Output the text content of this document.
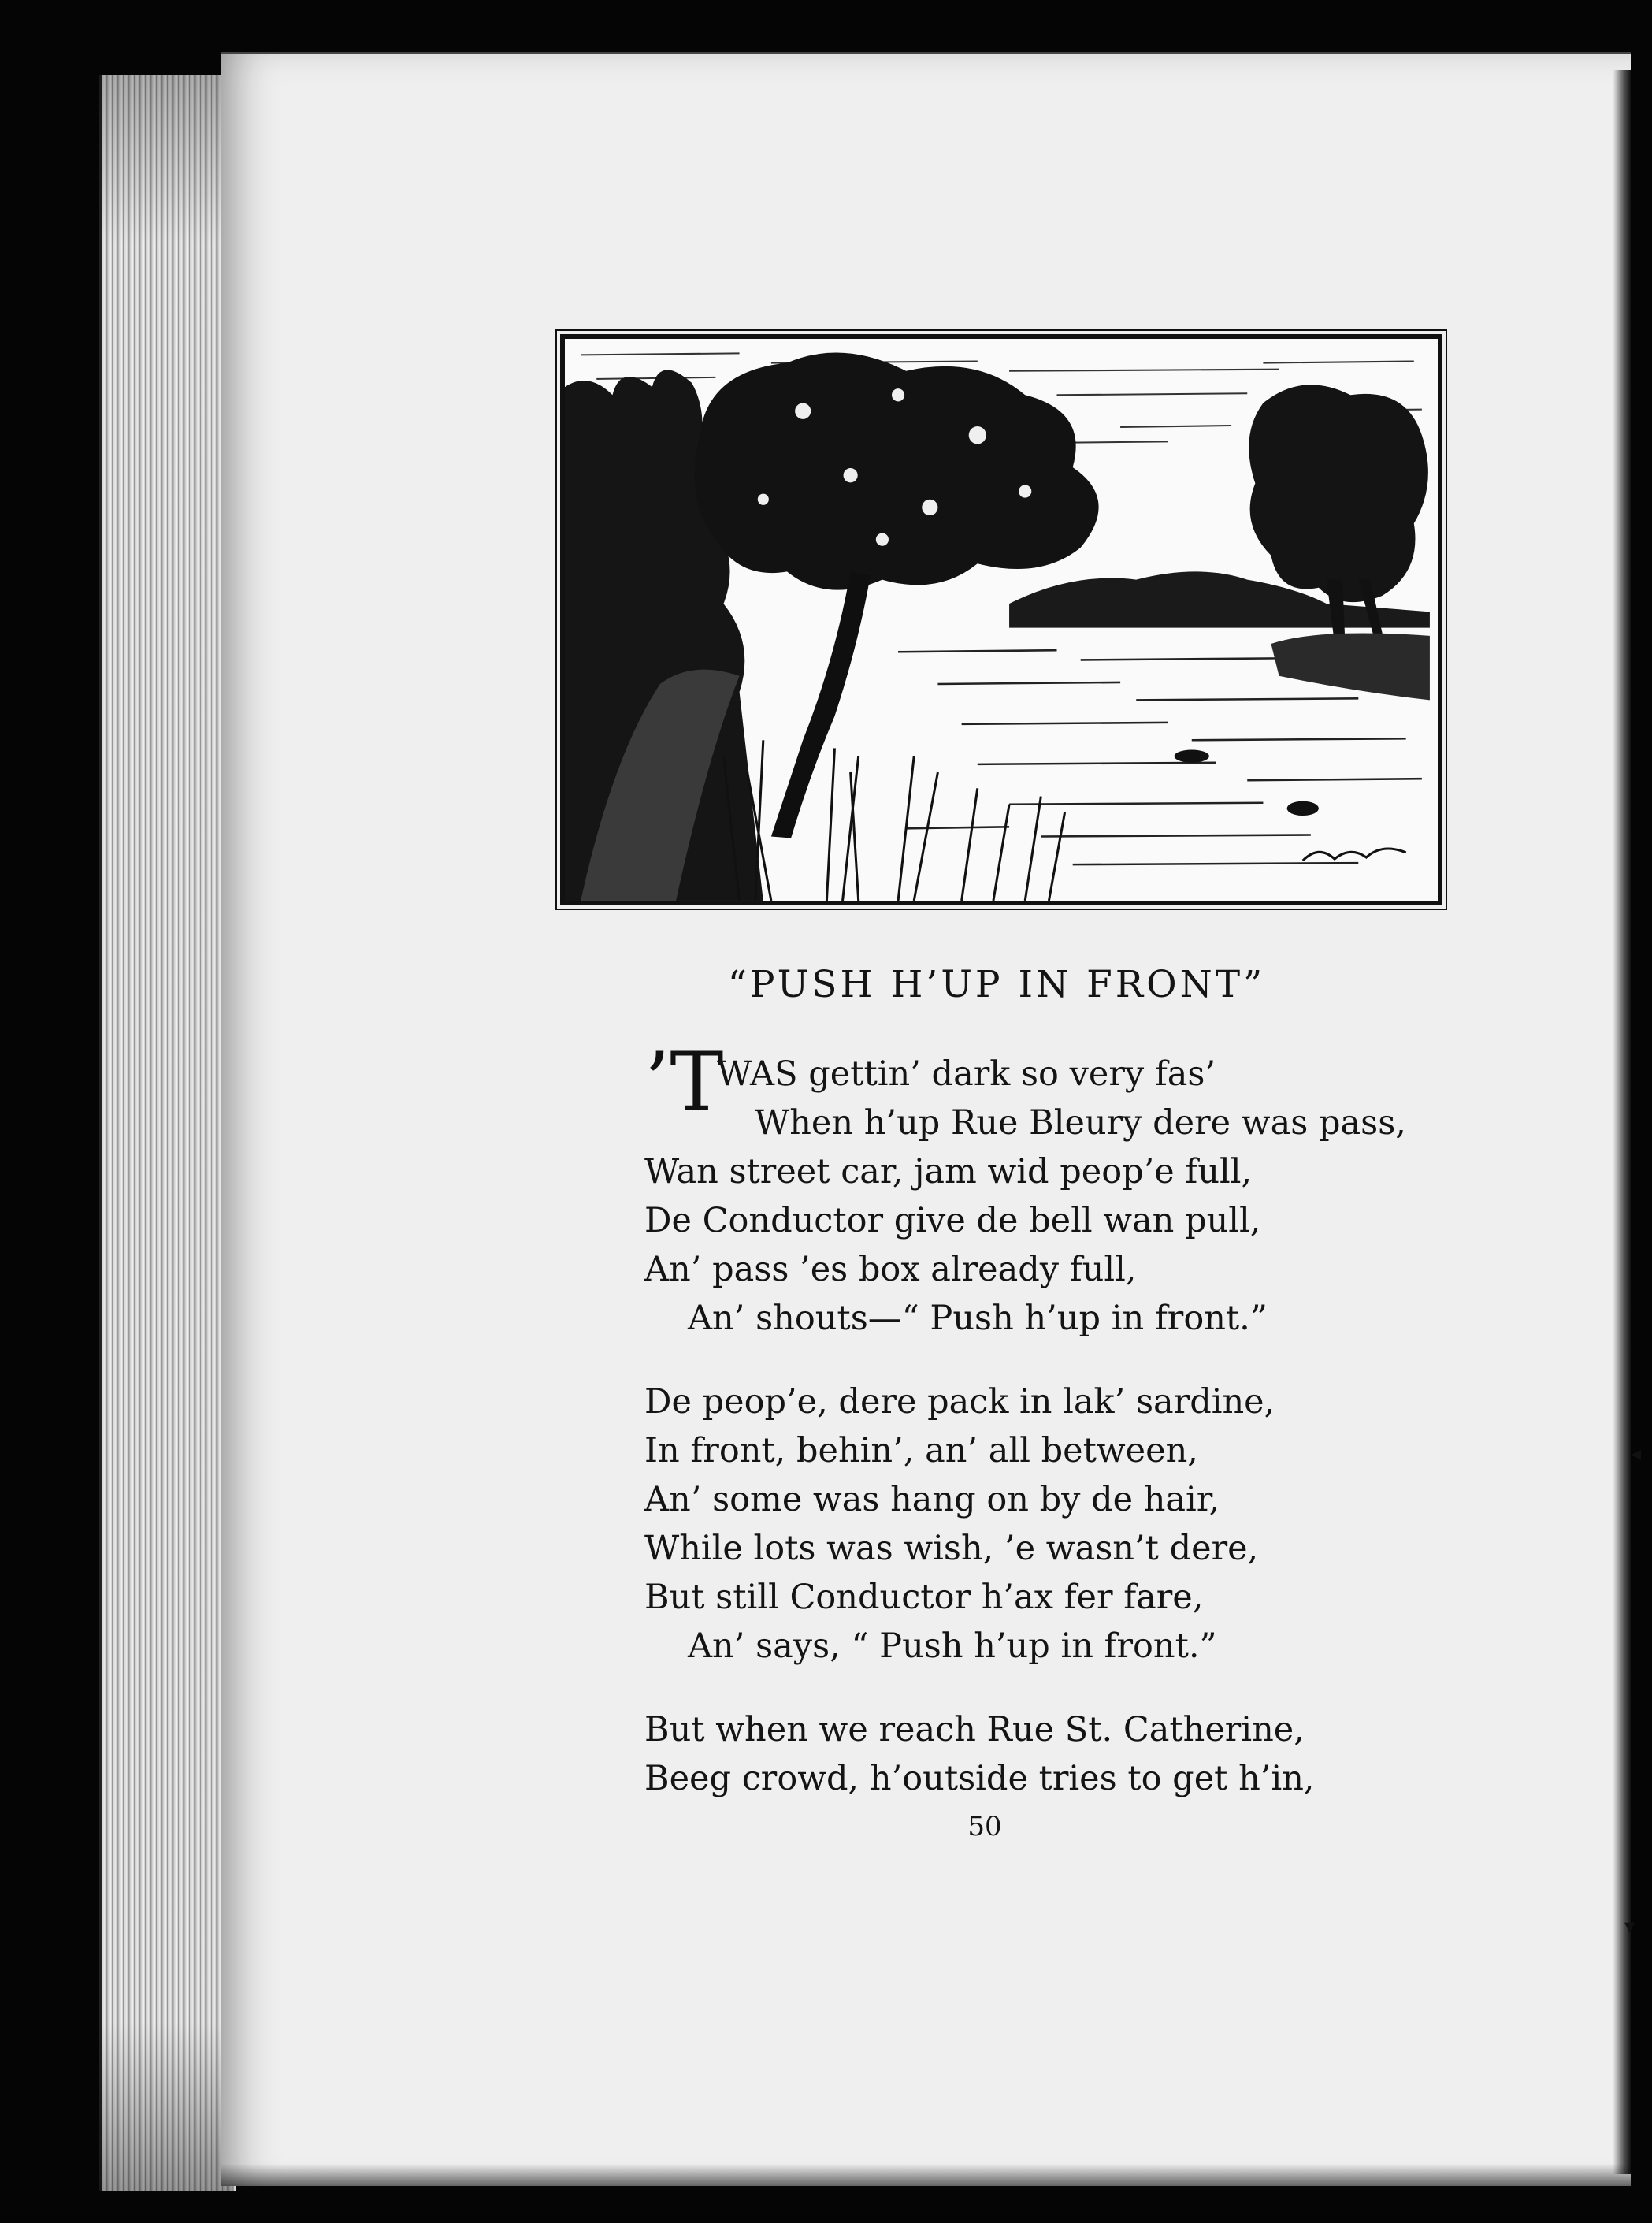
“PUSH H’UP IN FRONT”
’T
WAS gettin’ dark so very fas’
When h’up Rue Bleury dere was pass,
Wan street car, jam wid peop’e full,
De Conductor give de bell wan pull,
An’ pass ’es box already full,
An’ shouts—“ Push h’up in front.”
De peop’e, dere pack in lak’ sardine,
In front, behin’, an’ all between,
An’ some was hang on by de hair,
While lots was wish, ’e wasn’t dere,
But still Conductor h’ax fer fare,
An’ says, “ Push h’up in front.”
But when we reach Rue St. Catherine,
Beeg crowd, h’outside tries to get h’in,
50
◂
▾
